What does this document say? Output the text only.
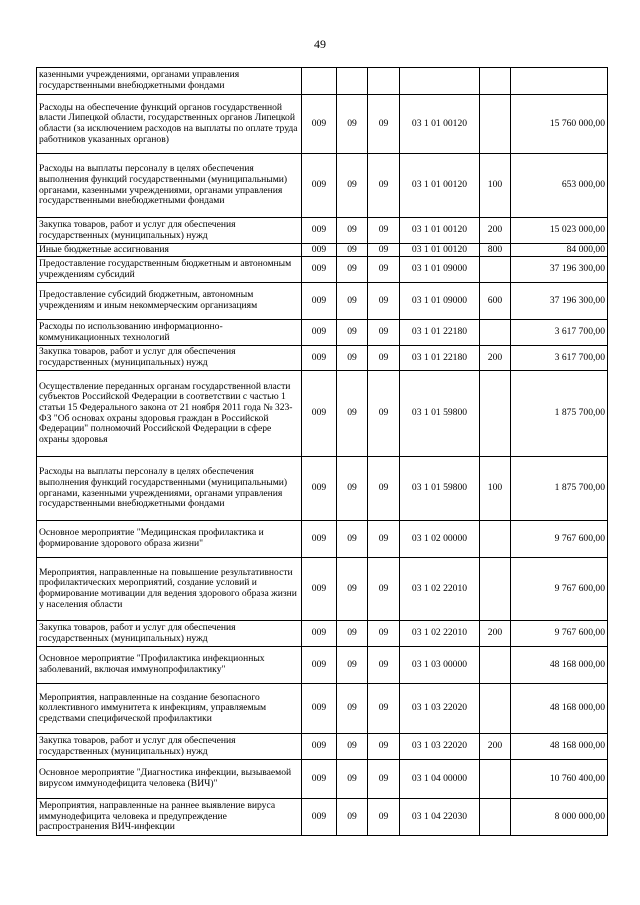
49
казенными учреждениями, органами управления государственными внебюджетными фондами						
Расходы на обеспечение функций органов государственной власти Липецкой области, государственных органов Липецкой области (за исключением расходов на выплаты по оплате труда работников указанных органов)	009	09	09	03 1 01 00120		15 760 000,00
Расходы на выплаты персоналу в целях обеспечения выполнения функций государственными (муниципальными) органами, казенными учреждениями, органами управления государственными внебюджетными фондами	009	09	09	03 1 01 00120	100	653 000,00
Закупка товаров, работ и услуг для обеспечения государственных (муниципальных) нужд	009	09	09	03 1 01 00120	200	15 023 000,00
Иные бюджетные ассигнования	009	09	09	03 1 01 00120	800	84 000,00
Предоставление государственным бюджетным и автономным учреждениям субсидий	009	09	09	03 1 01 09000		37 196 300,00
Предоставление субсидий бюджетным, автономным учреждениям и иным некоммерческим организациям	009	09	09	03 1 01 09000	600	37 196 300,00
Расходы по использованию информационно-коммуникационных технологий	009	09	09	03 1 01 22180		3 617 700,00
Закупка товаров, работ и услуг для обеспечения государственных (муниципальных) нужд	009	09	09	03 1 01 22180	200	3 617 700,00
Осуществление переданных органам государственной власти субъектов Российской Федерации в соответствии с частью 1 статьи 15 Федерального закона от 21 ноября 2011 года № 323-ФЗ "Об основах охраны здоровья граждан в Российской Федерации" полномочий Российской Федерации в сфере охраны здоровья	009	09	09	03 1 01 59800		1 875 700,00
Расходы на выплаты персоналу в целях обеспечения выполнения функций государственными (муниципальными) органами, казенными учреждениями, органами управления государственными внебюджетными фондами	009	09	09	03 1 01 59800	100	1 875 700,00
Основное мероприятие "Медицинская профилактика и формирование здорового образа жизни"	009	09	09	03 1 02 00000		9 767 600,00
Мероприятия, направленные на повышение результативности профилактических мероприятий, создание условий и формирование мотивации для ведения здорового образа жизни у населения области	009	09	09	03 1 02 22010		9 767 600,00
Закупка товаров, работ и услуг для обеспечения государственных (муниципальных) нужд	009	09	09	03 1 02 22010	200	9 767 600,00
Основное мероприятие "Профилактика инфекционных заболеваний, включая иммунопрофилактику"	009	09	09	03 1 03 00000		48 168 000,00
Мероприятия, направленные на создание безопасного коллективного иммунитета к инфекциям, управляемым средствами специфической профилактики	009	09	09	03 1 03 22020		48 168 000,00
Закупка товаров, работ и услуг для обеспечения государственных (муниципальных) нужд	009	09	09	03 1 03 22020	200	48 168 000,00
Основное мероприятие "Диагностика инфекции, вызываемой вирусом иммунодефицита человека (ВИЧ)"	009	09	09	03 1 04 00000		10 760 400,00
Мероприятия, направленные на раннее выявление вируса иммунодефицита человека и предупреждение распространения ВИЧ-инфекции	009	09	09	03 1 04 22030		8 000 000,00
